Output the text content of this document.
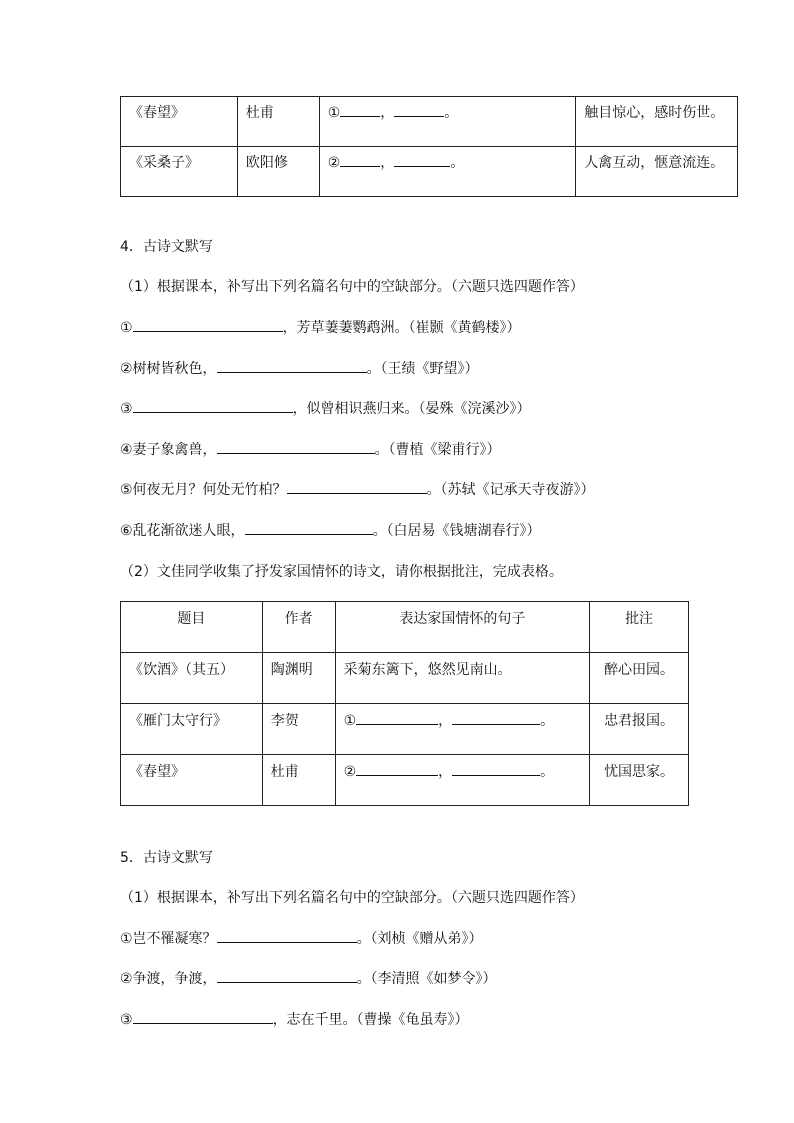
《春望》	杜甫	① ， 。	触目惊心，感时伤世。
《采桑子》	欧阳修	② ， 。	人禽互动，惬意流连。
4．古诗文默写
（1）根据课本，补写出下列名篇名句中的空缺部分。（六题只选四题作答）
①	，芳草萋萋鹦鹉洲。（崔颢《黄鹤楼》）
②树树皆秋色，	。（王绩《野望》）
③	，似曾相识燕归来。（晏殊《浣溪沙》）
④妻子象禽兽，	。（曹植《梁甫行》）
⑤何夜无月？何处无竹柏？	。（苏轼《记承天寺夜游》）
⑥乱花渐欲迷人眼，	。（白居易《钱塘湖春行》）
（2）文佳同学收集了抒发家国情怀的诗文，请你根据批注，完成表格。
题目	作者	表达家国情怀的句子	批注
《饮酒》（其五）	陶渊明	采菊东篱下，悠然见南山。	醉心田园。
《雁门太守行》	李贺	① ， 。	忠君报国。
《春望》	杜甫	② ， 。	忧国思家。
5．古诗文默写
（1）根据课本，补写出下列名篇名句中的空缺部分。（六题只选四题作答）
①岂不罹凝寒？	。（刘桢《赠从弟》）
②争渡，争渡，	。（李清照《如梦令》）
③	，志在千里。（曹操《龟虽寿》）
